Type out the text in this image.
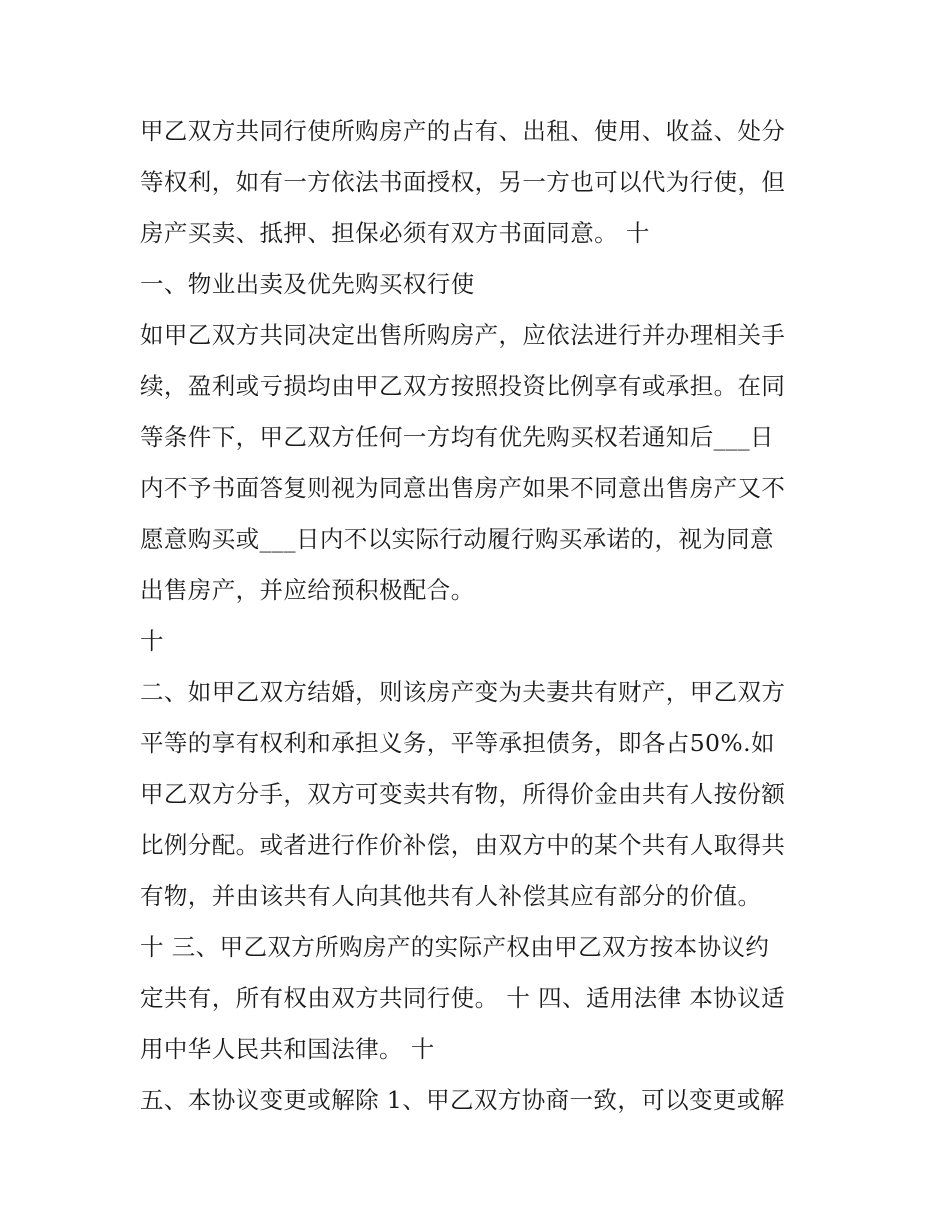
甲乙双方共同行使所购房产的占有、出租、使用、收益、处分
等权利，如有一方依法书面授权，另一方也可以代为行使，但
房产买卖、抵押、担保必须有双方书面同意。 十
一、物业出卖及优先购买权行使
如甲乙双方共同决定出售所购房产，应依法进行并办理相关手
续，盈利或亏损均由甲乙双方按照投资比例享有或承担。在同
等条件下，甲乙双方任何一方均有优先购买权若通知后___日
内不予书面答复则视为同意出售房产如果不同意出售房产又不
愿意购买或___日内不以实际行动履行购买承诺的，视为同意
出售房产，并应给预积极配合。
十
二、如甲乙双方结婚，则该房产变为夫妻共有财产，甲乙双方
平等的享有权利和承担义务，平等承担债务，即各占50%.如
甲乙双方分手，双方可变卖共有物，所得价金由共有人按份额
比例分配。或者进行作价补偿，由双方中的某个共有人取得共
有物，并由该共有人向其他共有人补偿其应有部分的价值。
十 三、甲乙双方所购房产的实际产权由甲乙双方按本协议约
定共有，所有权由双方共同行使。 十 四、适用法律 本协议适
用中华人民共和国法律。 十
五、本协议变更或解除 1、甲乙双方协商一致，可以变更或解
